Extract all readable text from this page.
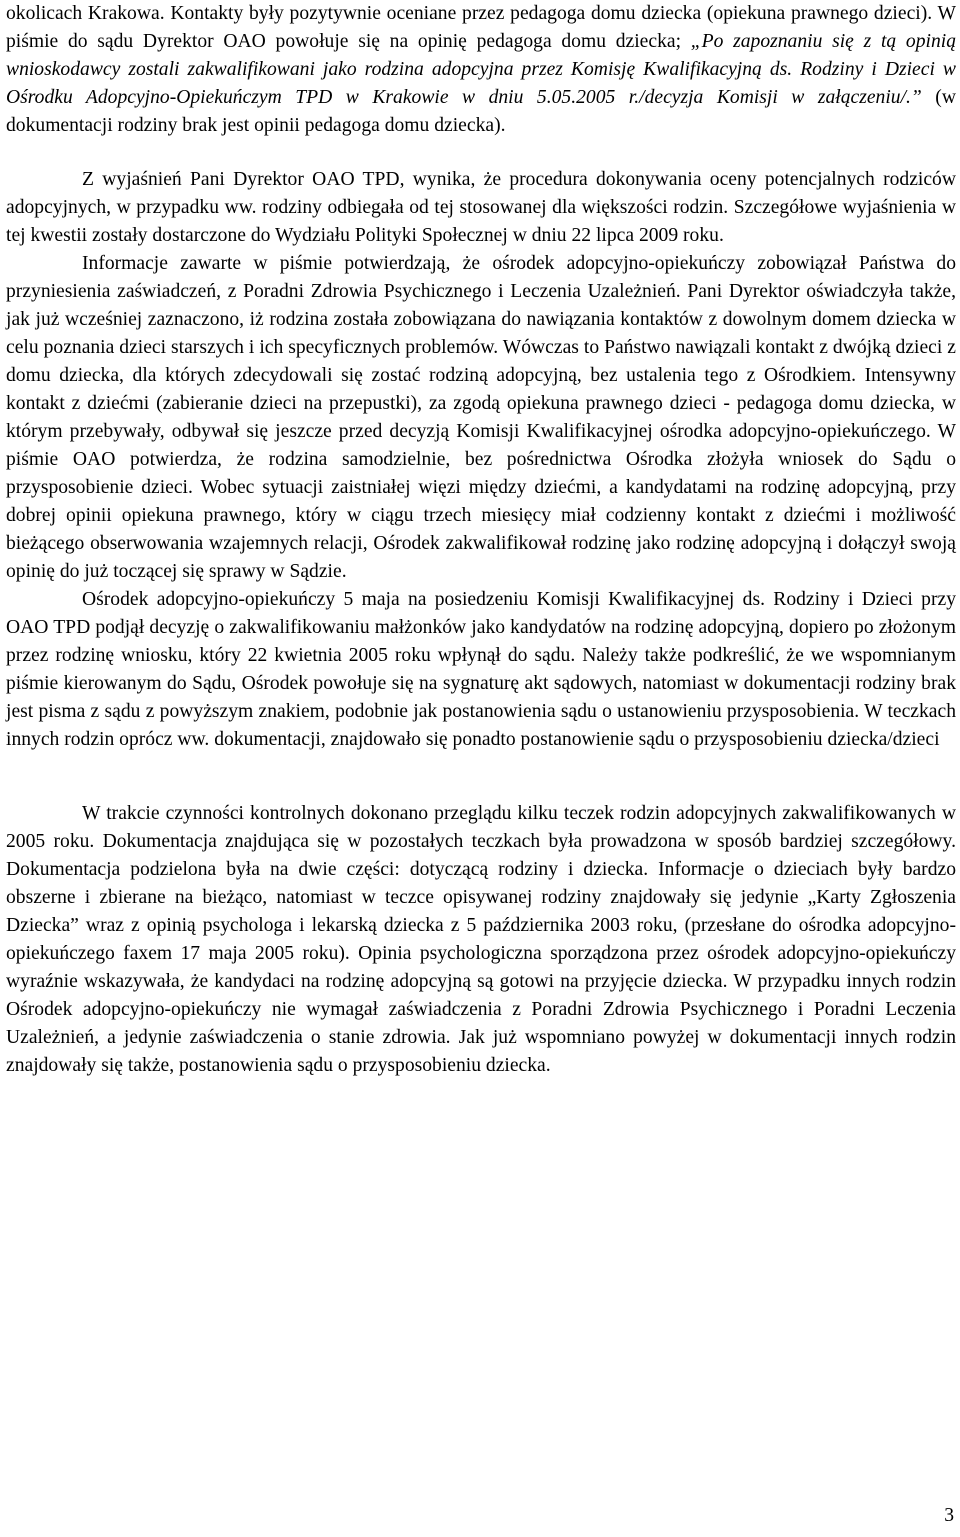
okolicach Krakowa. Kontakty były pozytywnie oceniane przez pedagoga domu dziecka (opiekuna prawnego dzieci). W piśmie do sądu Dyrektor OAO powołuje się na opinię pedagoga domu dziecka; „Po zapoznaniu się z tą opinią wnioskodawcy zostali zakwalifikowani jako rodzina adopcyjna przez Komisję Kwalifikacyjną ds. Rodziny i Dzieci w Ośrodku Adopcyjno-Opiekuńczym TPD w Krakowie w dniu 5.05.2005 r./decyzja Komisji w załączeniu/.” (w dokumentacji rodziny brak jest opinii pedagoga domu dziecka).

Z wyjaśnień Pani Dyrektor OAO TPD, wynika, że procedura dokonywania oceny potencjalnych rodziców adopcyjnych, w przypadku ww. rodziny odbiegała od tej stosowanej dla większości rodzin. Szczegółowe wyjaśnienia w tej kwestii zostały dostarczone do Wydziału Polityki Społecznej w dniu 22 lipca 2009 roku.

Informacje zawarte w piśmie potwierdzają, że ośrodek adopcyjno-opiekuńczy zobowiązał Państwa do przyniesienia zaświadczeń, z Poradni Zdrowia Psychicznego i Leczenia Uzależnień. Pani Dyrektor oświadczyła także, jak już wcześniej zaznaczono, iż rodzina została zobowiązana do nawiązania kontaktów z dowolnym domem dziecka w celu poznania dzieci starszych i ich specyficznych problemów. Wówczas to Państwo nawiązali kontakt z dwójką dzieci z domu dziecka, dla których zdecydowali się zostać rodziną adopcyjną, bez ustalenia tego z Ośrodkiem. Intensywny kontakt z dziećmi (zabieranie dzieci na przepustki), za zgodą opiekuna prawnego dzieci - pedagoga domu dziecka, w którym przebywały, odbywał się jeszcze przed decyzją Komisji Kwalifikacyjnej ośrodka adopcyjno-opiekuńczego. W piśmie OAO potwierdza, że rodzina samodzielnie, bez pośrednictwa Ośrodka złożyła wniosek do Sądu o przysposobienie dzieci. Wobec sytuacji zaistniałej więzi między dziećmi, a kandydatami na rodzinę adopcyjną, przy dobrej opinii opiekuna prawnego, który w ciągu trzech miesięcy miał codzienny kontakt z dziećmi i możliwość bieżącego obserwowania wzajemnych relacji, Ośrodek zakwalifikował rodzinę jako rodzinę adopcyjną i dołączył swoją opinię do już toczącej się sprawy w Sądzie.

Ośrodek adopcyjno-opiekuńczy 5 maja na posiedzeniu Komisji Kwalifikacyjnej ds. Rodziny i Dzieci przy OAO TPD podjął decyzję o zakwalifikowaniu małżonków jako kandydatów na rodzinę adopcyjną, dopiero po złożonym przez rodzinę wniosku, który 22 kwietnia 2005 roku wpłynął do sądu. Należy także podkreślić, że we wspomnianym piśmie kierowanym do Sądu, Ośrodek powołuje się na sygnaturę akt sądowych, natomiast w dokumentacji rodziny brak jest pisma z sądu z powyższym znakiem, podobnie jak postanowienia sądu o ustanowieniu przysposobienia. W teczkach innych rodzin oprócz ww. dokumentacji, znajdowało się ponadto postanowienie sądu o przysposobieniu dziecka/dzieci

W trakcie czynności kontrolnych dokonano przeglądu kilku teczek rodzin adopcyjnych zakwalifikowanych w 2005 roku. Dokumentacja znajdująca się w pozostałych teczkach była prowadzona w sposób bardziej szczegółowy. Dokumentacja podzielona była na dwie części: dotyczącą rodziny i dziecka. Informacje o dzieciach były bardzo obszerne i zbierane na bieżąco, natomiast w teczce opisywanej rodziny znajdowały się jedynie „Karty Zgłoszenia Dziecka” wraz z opinią psychologa i lekarską dziecka z 5 października 2003 roku, (przesłane do ośrodka adopcyjno-opiekuńczego faxem 17 maja 2005 roku). Opinia psychologiczna sporządzona przez ośrodek adopcyjno-opiekuńczy wyraźnie wskazywała, że kandydaci na rodzinę adopcyjną są gotowi na przyjęcie dziecka. W przypadku innych rodzin Ośrodek adopcyjno-opiekuńczy nie wymagał zaświadczenia z Poradni Zdrowia Psychicznego i Poradni Leczenia Uzależnień, a jedynie zaświadczenia o stanie zdrowia. Jak już wspomniano powyżej w dokumentacji innych rodzin znajdowały się także, postanowienia sądu o przysposobieniu dziecka.

3
